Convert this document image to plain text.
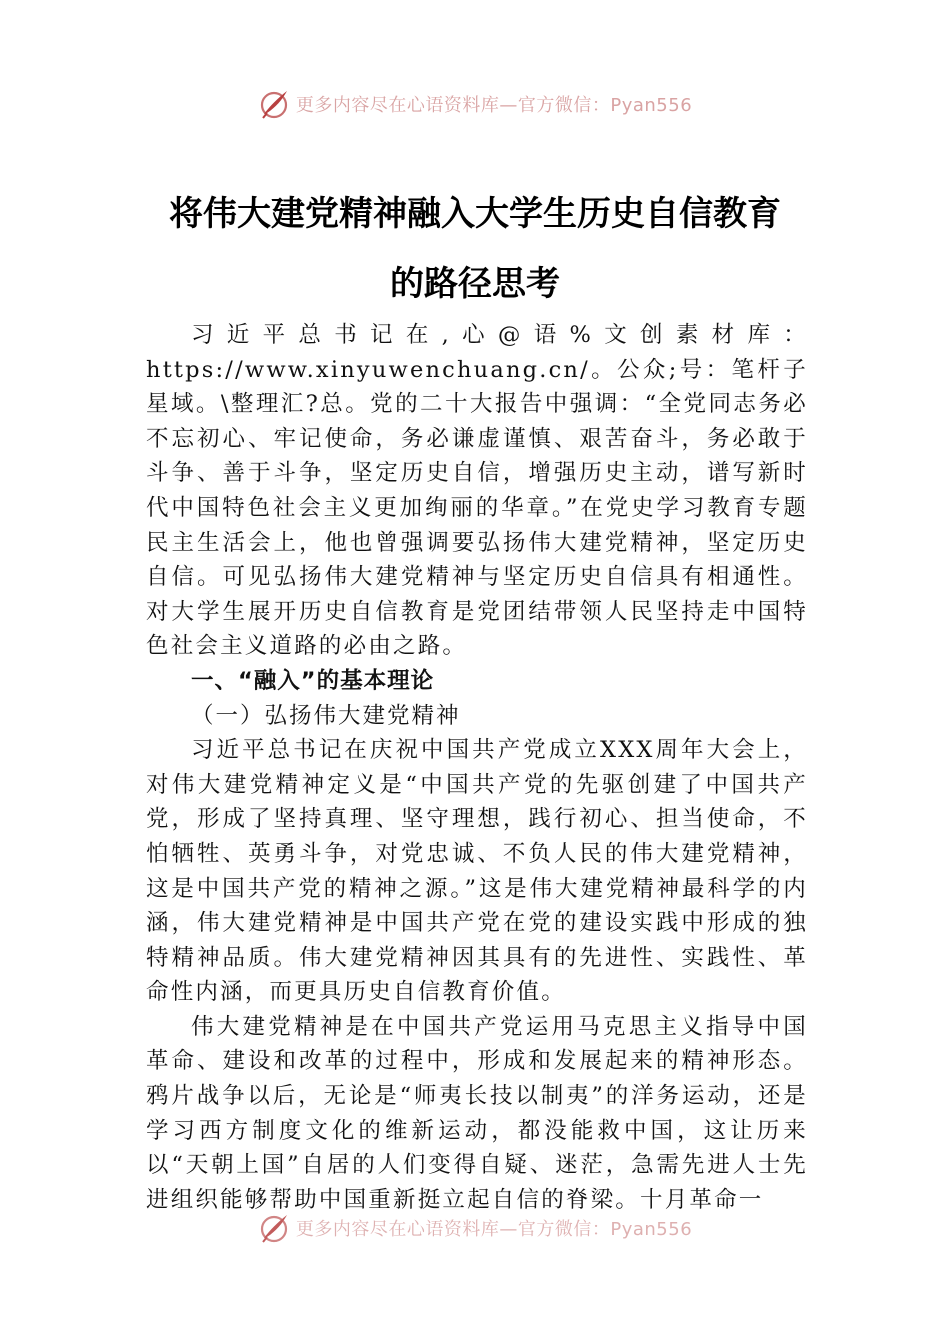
更多内容尽在心语资料库—官方微信：Pyan556
将伟大建党精神融入大学生历史自信教育
的路径思考

习近平总书记在,心@语%文创素材库：https://www.xinyuwenchuang.cn/。公众;号：笔杆子星域。\整理汇?总。党的二十大报告中强调：“全党同志务必不忘初心、牢记使命，务必谦虚谨慎、艰苦奋斗，务必敢于斗争、善于斗争，坚定历史自信，增强历史主动，谱写新时代中国特色社会主义更加绚丽的华章。”在党史学习教育专题民主生活会上，他也曾强调要弘扬伟大建党精神，坚定历史自信。可见弘扬伟大建党精神与坚定历史自信具有相通性。对大学生展开历史自信教育是党团结带领人民坚持走中国特色社会主义道路的必由之路。

一、“融入”的基本理论

（一）弘扬伟大建党精神

习近平总书记在庆祝中国共产党成立XXX周年大会上，对伟大建党精神定义是“中国共产党的先驱创建了中国共产党，形成了坚持真理、坚守理想，践行初心、担当使命，不怕牺牲、英勇斗争，对党忠诚、不负人民的伟大建党精神，这是中国共产党的精神之源。”这是伟大建党精神最科学的内涵，伟大建党精神是中国共产党在党的建设实践中形成的独特精神品质。伟大建党精神因其具有的先进性、实践性、革命性内涵，而更具历史自信教育价值。

伟大建党精神是在中国共产党运用马克思主义指导中国革命、建设和改革的过程中，形成和发展起来的精神形态。鸦片战争以后，无论是“师夷长技以制夷”的洋务运动，还是学习西方制度文化的维新运动，都没能救中国，这让历来以“天朝上国”自居的人们变得自疑、迷茫，急需先进人士先进组织能够帮助中国重新挺立起自信的脊梁。十月革命一

更多内容尽在心语资料库—官方微信：Pyan556
